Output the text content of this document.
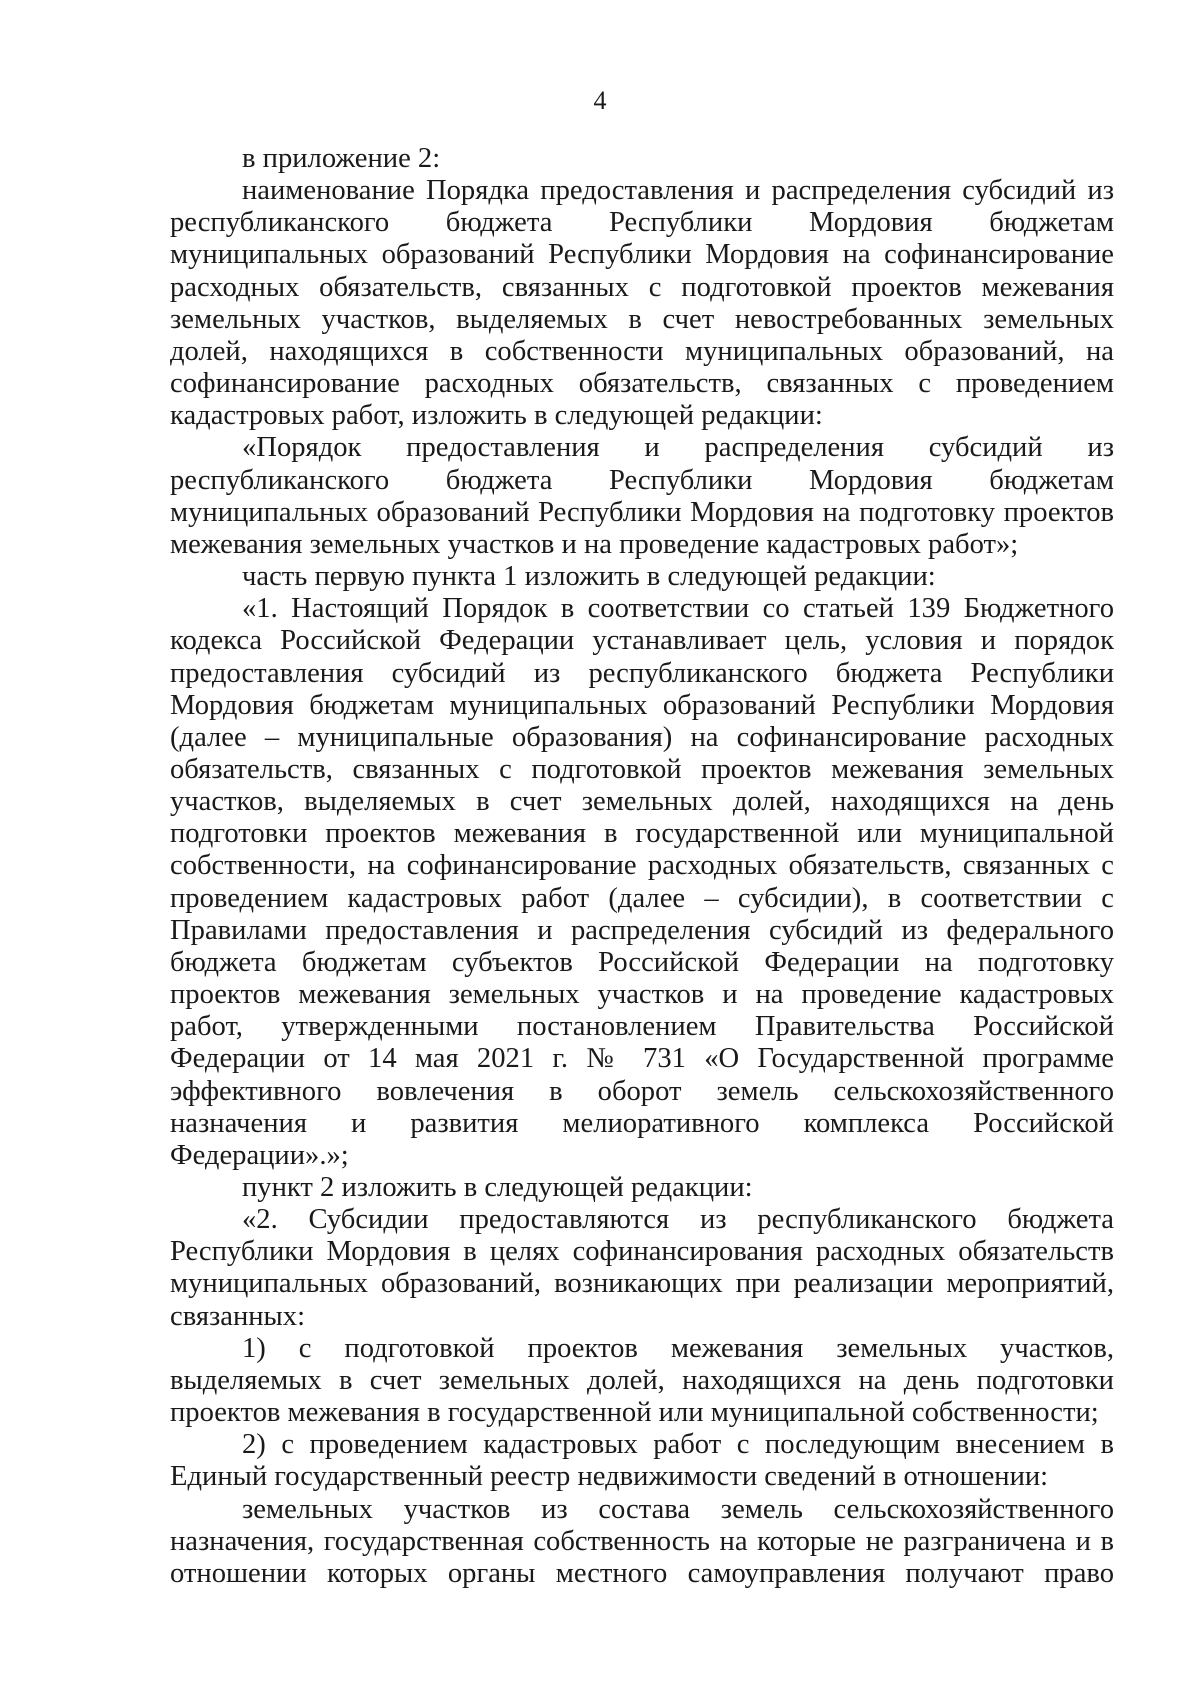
4

в приложение 2:

наименование Порядка предоставления и распределения субсидий из республиканского бюджета Республики Мордовия бюджетам муниципальных образований Республики Мордовия на софинансирование расходных обязательств, связанных с подготовкой проектов межевания земельных участков, выделяемых в счет невостребованных земельных долей, находящихся в собственности муниципальных образований, на софинансирование расходных обязательств, связанных с проведением кадастровых работ, изложить в следующей редакции:

«Порядок предоставления и распределения субсидий из республиканского бюджета Республики Мордовия бюджетам муниципальных образований Республики Мордовия на подготовку проектов межевания земельных участков и на проведение кадастровых работ»;

часть первую пункта 1 изложить в следующей редакции:

«1. Настоящий Порядок в соответствии со статьей 139 Бюджетного кодекса Российской Федерации устанавливает цель, условия и порядок предоставления субсидий из республиканского бюджета Республики Мордовия бюджетам муниципальных образований Республики Мордовия (далее – муниципальные образования) на софинансирование расходных обязательств, связанных с подготовкой проектов межевания земельных участков, выделяемых в счет земельных долей, находящихся на день подготовки проектов межевания в государственной или муниципальной собственности, на софинансирование расходных обязательств, связанных с проведением кадастровых работ (далее – субсидии), в соответствии с Правилами предоставления и распределения субсидий из федерального бюджета бюджетам субъектов Российской Федерации на подготовку проектов межевания земельных участков и на проведение кадастровых работ, утвержденными постановлением Правительства Российской Федерации от 14 мая 2021 г. № 731 «О Государственной программе эффективного вовлечения в оборот земель сельскохозяйственного назначения и развития мелиоративного комплекса Российской Федерации».»;

пункт 2 изложить в следующей редакции:

«2. Субсидии предоставляются из республиканского бюджета Республики Мордовия в целях софинансирования расходных обязательств муниципальных образований, возникающих при реализации мероприятий, связанных:

1) с подготовкой проектов межевания земельных участков, выделяемых в счет земельных долей, находящихся на день подготовки проектов межевания в государственной или муниципальной собственности;

2) с проведением кадастровых работ с последующим внесением в Единый государственный реестр недвижимости сведений в отношении:

земельных участков из состава земель сельскохозяйственного назначения, государственная собственность на которые не разграничена и в отношении которых органы местного самоуправления получают право
